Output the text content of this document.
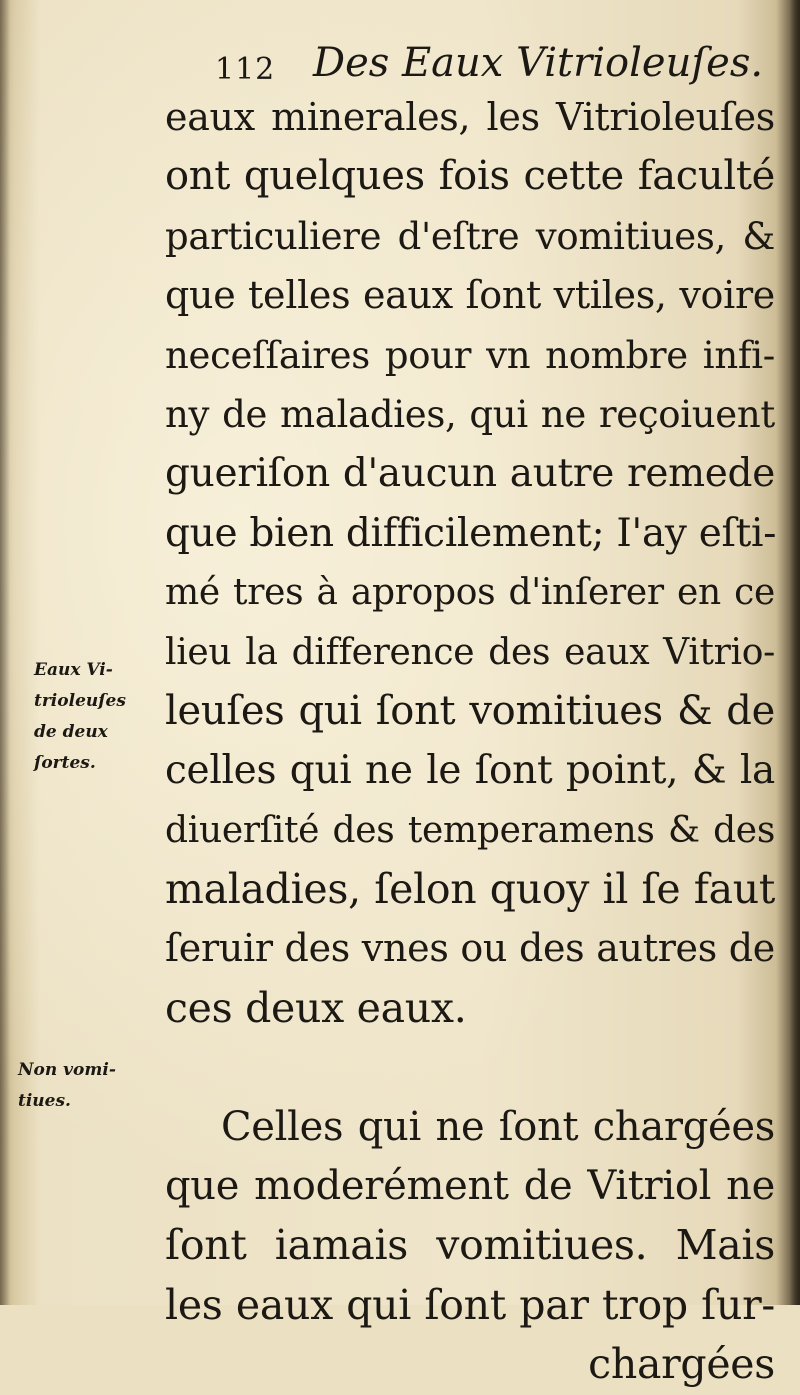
112 Des Eaux Vitrioleuſes.
eaux minerales, les Vitrioleuſes
ont quelques fois cette faculté
particuliere d'eſtre vomitiues, &
que telles eaux ſont vtiles, voire
neceſſaires pour vn nombre infi-
ny de maladies, qui ne reçoiuent
gueriſon d'aucun autre remede
que bien difficilement; I'ay eſti-
mé tres à apropos d'inſerer en ce
lieu la difference des eaux Vitrio-
leuſes qui ſont vomitiues & de
celles qui ne le ſont point, & la
diuerſité des temperamens & des
maladies, ſelon quoy il ſe faut
ſeruir des vnes ou des autres de
ces deux eaux.
Celles qui ne ſont chargées
que moderément de Vitriol ne
ſont iamais vomitiues. Mais
les eaux qui ſont par trop ſur-
chargées
Eaux Vi-
trioleuſes
de deux
ſortes.
Non vomi-
tiues.
